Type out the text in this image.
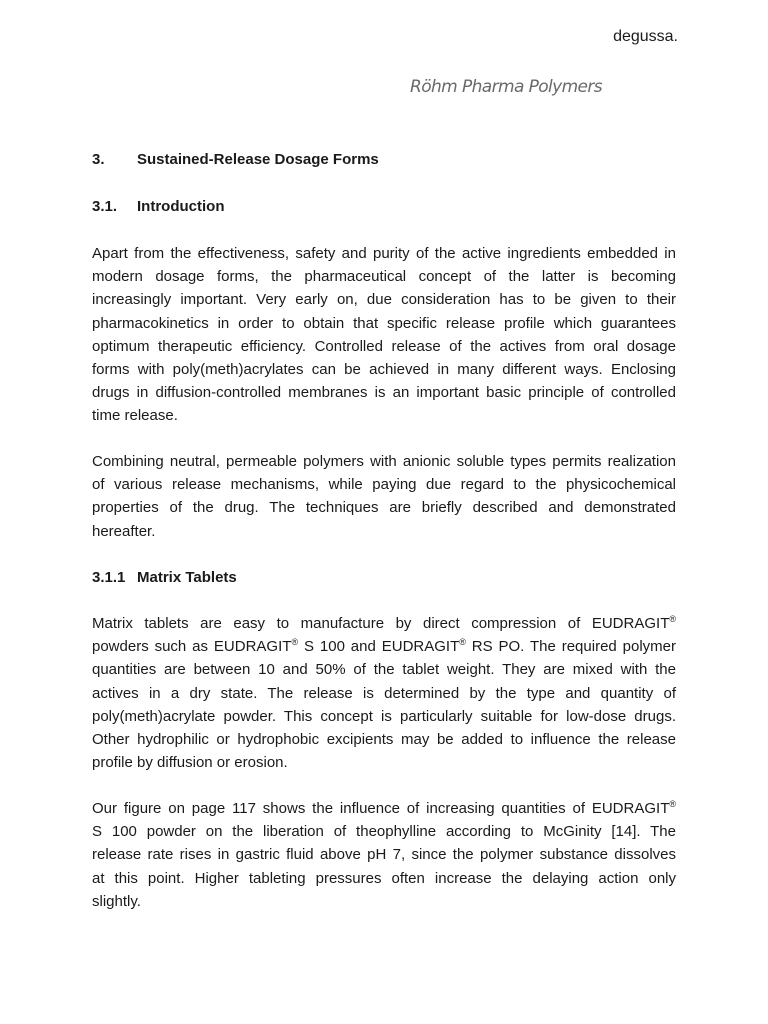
degussa.
Röhm Pharma Polymers
3. Sustained-Release Dosage Forms
3.1. Introduction
Apart from the effectiveness, safety and purity of the active ingredients embedded in
modern dosage forms, the pharmaceutical concept of the latter is becoming
increasingly important. Very early on, due consideration has to be given to their
pharmacokinetics in order to obtain that specific release profile which guarantees
optimum therapeutic efficiency. Controlled release of the actives from oral dosage
forms with poly(meth)acrylates can be achieved in many different ways. Enclosing
drugs in diffusion-controlled membranes is an important basic principle of controlled
time release.
Combining neutral, permeable polymers with anionic soluble types permits realization
of various release mechanisms, while paying due regard to the physicochemical
properties of the drug. The techniques are briefly described and demonstrated
hereafter.
3.1.1 Matrix Tablets
Matrix tablets are easy to manufacture by direct compression of EUDRAGIT®
powders such as EUDRAGIT® S 100 and EUDRAGIT® RS PO. The required polymer
quantities are between 10 and 50% of the tablet weight. They are mixed with the
actives in a dry state. The release is determined by the type and quantity of
poly(meth)acrylate powder. This concept is particularly suitable for low-dose drugs.
Other hydrophilic or hydrophobic excipients may be added to influence the release
profile by diffusion or erosion.
Our figure on page 117 shows the influence of increasing quantities of EUDRAGIT®
S 100 powder on the liberation of theophylline according to McGinity [14]. The
release rate rises in gastric fluid above pH 7, since the polymer substance dissolves
at this point. Higher tableting pressures often increase the delaying action only
slightly.
